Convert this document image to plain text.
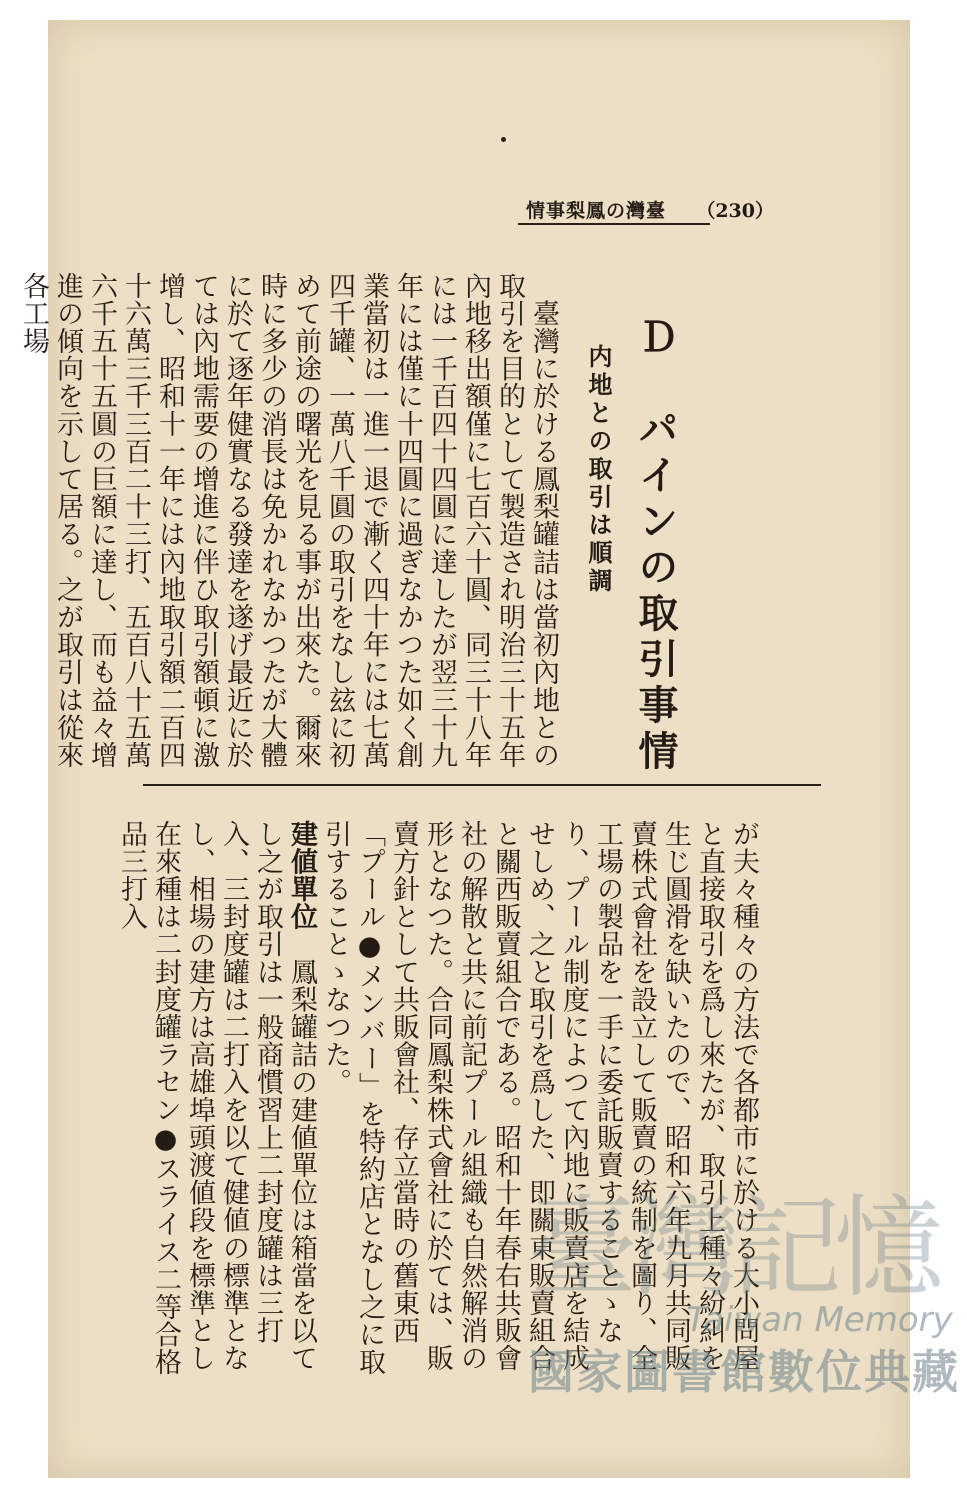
臺灣の鳳梨事情 （230）
Ｄ　パインの取引事情
内地との取引は順調
　臺灣に於ける鳳梨罐詰は當初內地との取引を目的として製造され明治三十五年內地移出額僅に七百六十圓、同三十八年には一千百四十四圓に達したが翌三十九年には僅に十四圓に過ぎなかつた如く創業當初は一進一退で漸く四十年には七萬四千罐、一萬八千圓の取引をなし玆に初めて前途の曙光を見る事が出來た。爾來時に多少の消長は免かれなかつたが大體に於て逐年健實なる發達を遂げ最近に於ては內地需要の增進に伴ひ取引額頓に激增し、昭和十一年には內地取引額二百四十六萬三千三百二十三打、五百八十五萬六千五十五圓の巨額に達し、而も益々增進の傾向を示して居る。之が取引は從來各工場
が夫々種々の方法で各都市に於ける大小問屋と直接取引を爲し來たが、取引上種々紛糾を生じ圓滑を缺いたので、昭和六年九月共同販賣株式會社を設立して販賣の統制を圖り、全工場の製品を一手に委託販賣することゝなり、プール制度によつて內地に販賣店を結成せしめ、之と取引を爲した、即關東販賣組合と關西販賣組合である。昭和十年春右共販會社の解散と共に前記プール組織も自然解消の形となつた。合同鳳梨株式會社に於ては、販賣方針として共販會社、存立當時の舊東西「プール●メンバー」を特約店となし之に取引することゝなつた。
建値單位　鳳梨罐詰の建値單位は箱當を以てし之が取引は一般商慣習上二封度罐は三打入、三封度罐は二打入を以て健値の標準となし、相場の建方は高雄埠頭渡値段を標準とし在來種は二封度罐ラセン●スライス二等合格品三打入
臺灣記憶
Taiwan Memory
國家圖書館數位典藏
